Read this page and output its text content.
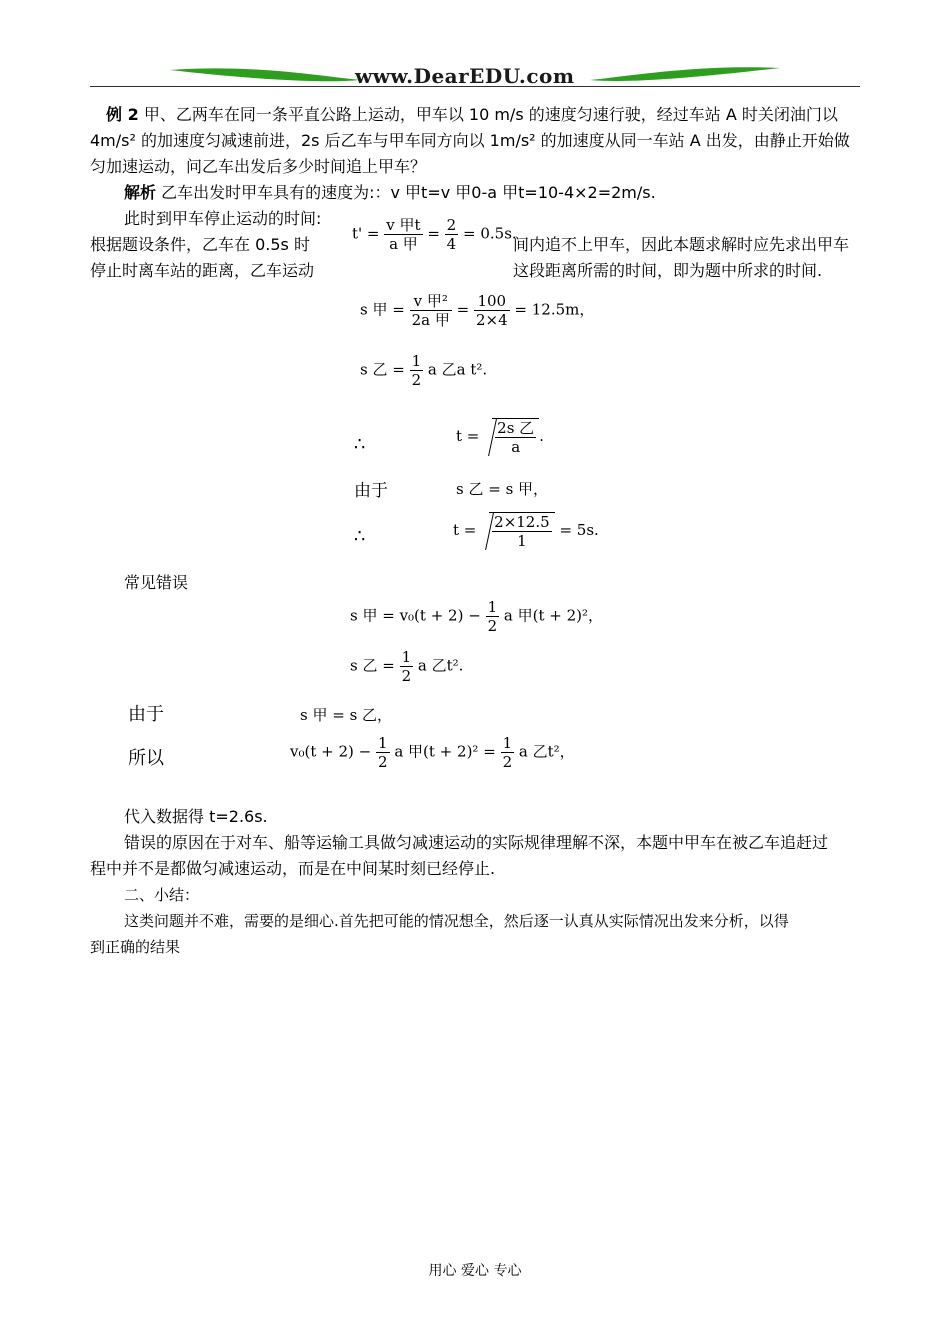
www.DearEDU.com
例 2 甲、乙两车在同一条平直公路上运动，甲车以 10 m/s 的速度匀速行驶，经过车站 A 时关闭油门以
4m/s² 的加速度匀减速前进，2s 后乙车与甲车同方向以 1m/s² 的加速度从同一车站 A 出发，由静止开始做
匀加速运动，问乙车出发后多少时间追上甲车？
解析 乙车出发时甲车具有的速度为:：v 甲t=v 甲0-a 甲t=10-4×2=2m/s.
此时到甲车停止运动的时间:
根据题设条件，乙车在 0.5s 时
停止时离车站的距离，乙车运动
间内追不上甲车，因此本题求解时应先求出甲车
这段距离所需的时间，即为题中所求的时间.
$t' = \frac{\text{v 甲t}}{\text{a 甲}} = \frac{2}{4} = 0.5s$.
s 甲 = $\frac{\text{v 甲²}}{\text{2a 甲}} = \frac{100}{2\times 4} = 12.5m$，
s 乙 = $\frac{1}{2}$ a 乙a t².
∴	$t = \frac{\text{2s 乙}}{a}$ .
由于	s 乙 = s 甲，
∴	$t = \frac{2\times 12.5}{1} = 5s$.
常见错误
s 甲 = $v_0(t + 2) - \frac{1}{2}$ a 甲(t + 2)²，
s 乙 = $\frac{1}{2}$ a 乙t².
由于	s 甲 = s 乙，
所以	$v_0(t + 2) - \frac{1}{2}$ a 甲$(t + 2)^2 = \frac{1}{2}$ a 乙t²，
代入数据得 t=2.6s.
错误的原因在于对车、船等运输工具做匀减速运动的实际规律理解不深，本题中甲车在被乙车追赶过
程中并不是都做匀减速运动，而是在中间某时刻已经停止.
二、小结：
这类问题并不难，需要的是细心.首先把可能的情况想全，然后逐一认真从实际情况出发来分析，以得
到正确的结果
用心 爱心 专心
